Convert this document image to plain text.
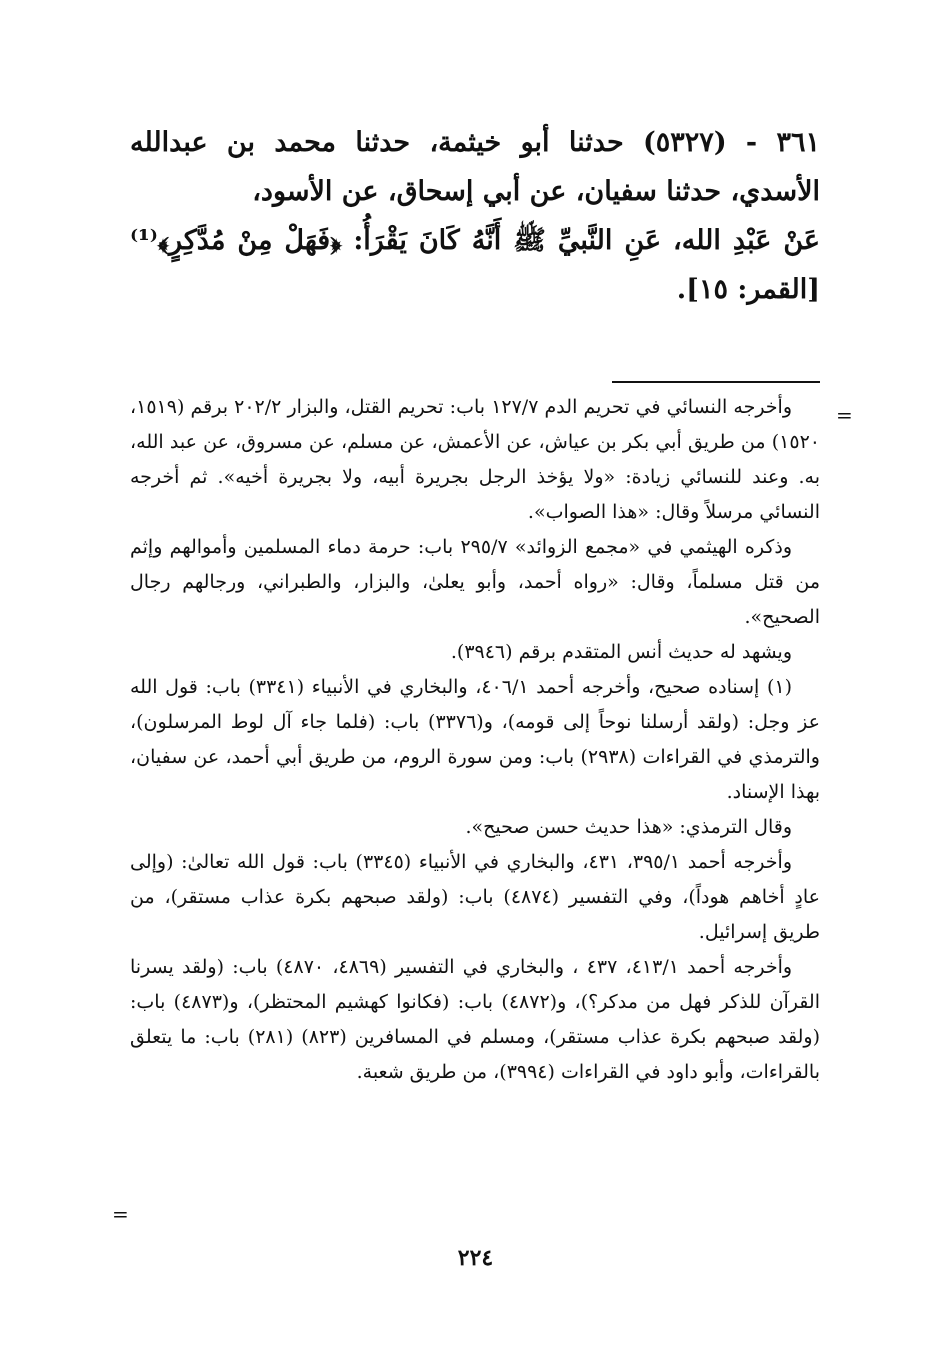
٣٦١ - (٥٣٢٧) حدثنا أبو خيثمة، حدثنا محمد بن عبدالله الأسدي، حدثنا سفيان، عن أبي إسحاق، عن الأسود،

عَنْ عَبْدِ الله، عَنِ النَّبيِّ ﷺ أَنَّهُ كَانَ يَقْرَأُ: ﴿فَهَلْ مِنْ مُدَّكِرٍ﴾⁽¹⁾ [القمر: ١٥].

=

وأخرجه النسائي في تحريم الدم ١٢٧/٧ باب: تحريم القتل، والبزار ٢٠٢/٢ برقم (١٥١٩، ١٥٢٠) من طريق أبي بكر بن عياش، عن الأعمش، عن مسلم، عن مسروق، عن عبد الله، به. وعند للنسائي زيادة: «ولا يؤخذ الرجل بجريرة أبيه، ولا بجريرة أخيه». ثم أخرجه النسائي مرسلاً وقال: «هذا الصواب».

وذكره الهيثمي في «مجمع الزوائد» ٢٩٥/٧ باب: حرمة دماء المسلمين وأموالهم وإثم من قتل مسلماً، وقال: «رواه أحمد، وأبو يعلىٰ، والبزار، والطبراني، ورجالهم رجال الصحيح».

ويشهد له حديث أنس المتقدم برقم (٣٩٤٦).

(١) إسناده صحيح، وأخرجه أحمد ٤٠٦/١، والبخاري في الأنبياء (٣٣٤١) باب: قول الله عز وجل: (ولقد أرسلنا نوحاً إلى قومه)، و(٣٣٧٦) باب: (فلما جاء آل لوط المرسلون)، والترمذي في القراءات (٢٩٣٨) باب: ومن سورة الروم، من طريق أبي أحمد، عن سفيان، بهذا الإسناد.

وقال الترمذي: «هذا حديث حسن صحيح».

وأخرجه أحمد ٣٩٥/١، ٤٣١، والبخاري في الأنبياء (٣٣٤٥) باب: قول الله تعالىٰ: (وإلى عادٍ أخاهم هوداً)، وفي التفسير (٤٨٧٤) باب: (ولقد صبحهم بكرة عذاب مستقر)، من طريق إسرائيل.

وأخرجه أحمد ٤١٣/١، ٤٣٧ ، والبخاري في التفسير (٤٨٦٩، ٤٨٧٠) باب: (ولقد يسرنا القرآن للذكر فهل من مدكر؟)، و(٤٨٧٢) باب: (فكانوا كهشيم المحتظر)، و(٤٨٧٣) باب: (ولقد صبحهم بكرة عذاب مستقر)، ومسلم في المسافرين (٨٢٣) (٢٨١) باب: ما يتعلق بالقراءات، وأبو داود في القراءات (٣٩٩٤)، من طريق شعبة.

=
٢٢٤
